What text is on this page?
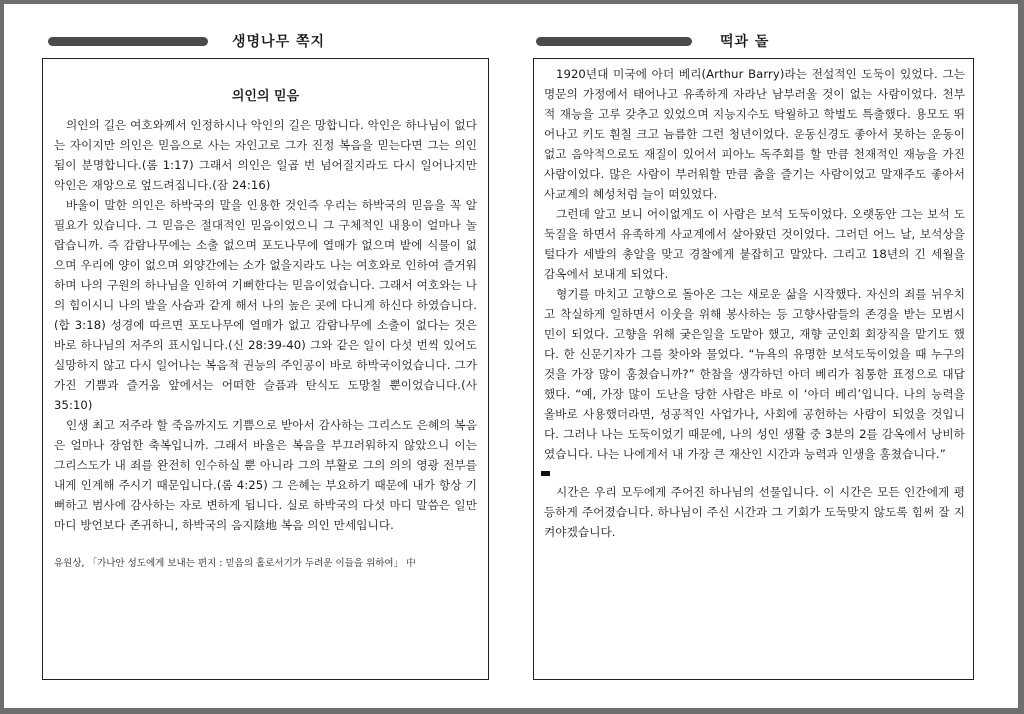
생명나무 쪽지	떡과 돌
의인의 믿음

의인의 길은 여호와께서 인정하시나 악인의 길은 망합니다. 악인은 하나님이 없다는 자이지만 의인은 믿음으로 사는 자인고로 그가 진정 복음을 믿는다면 그는 의인됨이 분명합니다.(롬 1:17) 그래서 의인은 일곱 번 넘어질지라도 다시 일어나지만 악인은 재앙으로 엎드려집니다.(잠 24:16)

바울이 말한 의인은 하박국의 말을 인용한 것인즉 우리는 하박국의 믿음을 꼭 알 필요가 있습니다. 그 믿음은 절대적인 믿음이었으니 그 구체적인 내용이 얼마나 놀랍습니까. 즉 감람나무에는 소출 없으며 포도나무에 열매가 없으며 밭에 식물이 없으며 우리에 양이 없으며 외양간에는 소가 없을지라도 나는 여호와로 인하여 즐거워하며 나의 구원의 하나님을 인하여 기뻐한다는 믿음이었습니다. 그래서 여호와는 나의 힘이시니 나의 발을 사슴과 같게 해서 나의 높은 곳에 다니게 하신다 하였습니다.(합 3:18) 성경에 따르면 포도나무에 열매가 없고 감람나무에 소출이 없다는 것은 바로 하나님의 저주의 표시입니다.(신 28:39-40) 그와 같은 일이 다섯 번씩 있어도 실망하지 않고 다시 일어나는 복음적 권능의 주인공이 바로 하박국이었습니다. 그가 가진 기쁨과 즐거움 앞에서는 어떠한 슬픔과 탄식도 도망칠 뿐이었습니다.(사 35:10)

인생 최고 저주라 할 죽음까지도 기쁨으로 받아서 감사하는 그리스도 은혜의 복음은 얼마나 장엄한 축복입니까. 그래서 바울은 복음을 부끄러워하지 않았으니 이는 그리스도가 내 죄를 완전히 인수하실 뿐 아니라 그의 부활로 그의 의의 영광 전부를 내게 인계해 주시기 때문입니다.(롬 4:25) 그 은혜는 부요하기 때문에 내가 항상 기뻐하고 범사에 감사하는 자로 변하게 됩니다. 실로 하박국의 다섯 마디 말씀은 일만 마디 방언보다 존귀하니, 하박국의 음지陰地 복음 의인 만세입니다.

유원상, 「가나안 성도에게 보내는 편지 : 믿음의 홀로서기가 두려운 이들을 위하여」 中

1920년대 미국에 아더 베리(Arthur Barry)라는 전설적인 도둑이 있었다. 그는 명문의 가정에서 태어나고 유족하게 자라난 남부러울 것이 없는 사람이었다. 천부적 재능을 고루 갖추고 있었으며 지능지수도 탁월하고 학벌도 특출했다. 용모도 뛰어나고 키도 훤칠 크고 늠름한 그런 청년이었다. 운동신경도 좋아서 못하는 운동이 없고 음악적으로도 재질이 있어서 피아노 독주회를 할 만큼 천재적인 재능을 가진 사람이었다. 많은 사람이 부러워할 만큼 춤을 즐기는 사람이었고 말재주도 좋아서 사교계의 혜성처럼 늘이 떠있었다.

그런데 알고 보니 어이없게도 이 사람은 보석 도둑이었다. 오랫동안 그는 보석 도둑질을 하면서 유족하게 사교계에서 살아왔던 것이었다. 그러던 어느 날, 보석상을 털다가 세발의 총알을 맞고 경찰에게 붙잡히고 말았다. 그리고 18년의 긴 세월을 감옥에서 보내게 되었다.

형기를 마치고 고향으로 돌아온 그는 새로운 삶을 시작했다. 자신의 죄를 뉘우치고 착실하게 일하면서 이웃을 위해 봉사하는 등 고향사람들의 존경을 받는 모범시민이 되었다. 고향을 위해 궂은일을 도맡아 했고, 재향 군인회 회장직을 맡기도 했다. 한 신문기자가 그를 찾아와 물었다. “뉴욕의 유명한 보석도둑이었을 때 누구의 것을 가장 많이 훔쳤습니까?” 한참을 생각하던 아더 베리가 침통한 표정으로 대답했다. “예, 가장 많이 도난을 당한 사람은 바로 이 ‘아더 베리’입니다. 나의 능력을 올바로 사용했더라면, 성공적인 사업가나, 사회에 공헌하는 사람이 되었을 것입니다. 그러나 나는 도둑이었기 때문에, 나의 성인 생활 중 3분의 2를 감옥에서 낭비하였습니다. 나는 나에게서 내 가장 큰 재산인 시간과 능력과 인생을 훔쳤습니다.”

시간은 우리 모두에게 주어진 하나님의 선물입니다. 이 시간은 모든 인간에게 평등하게 주어졌습니다. 하나님이 주신 시간과 그 기회가 도둑맞지 않도록 힘써 잘 지켜야겠습니다.
